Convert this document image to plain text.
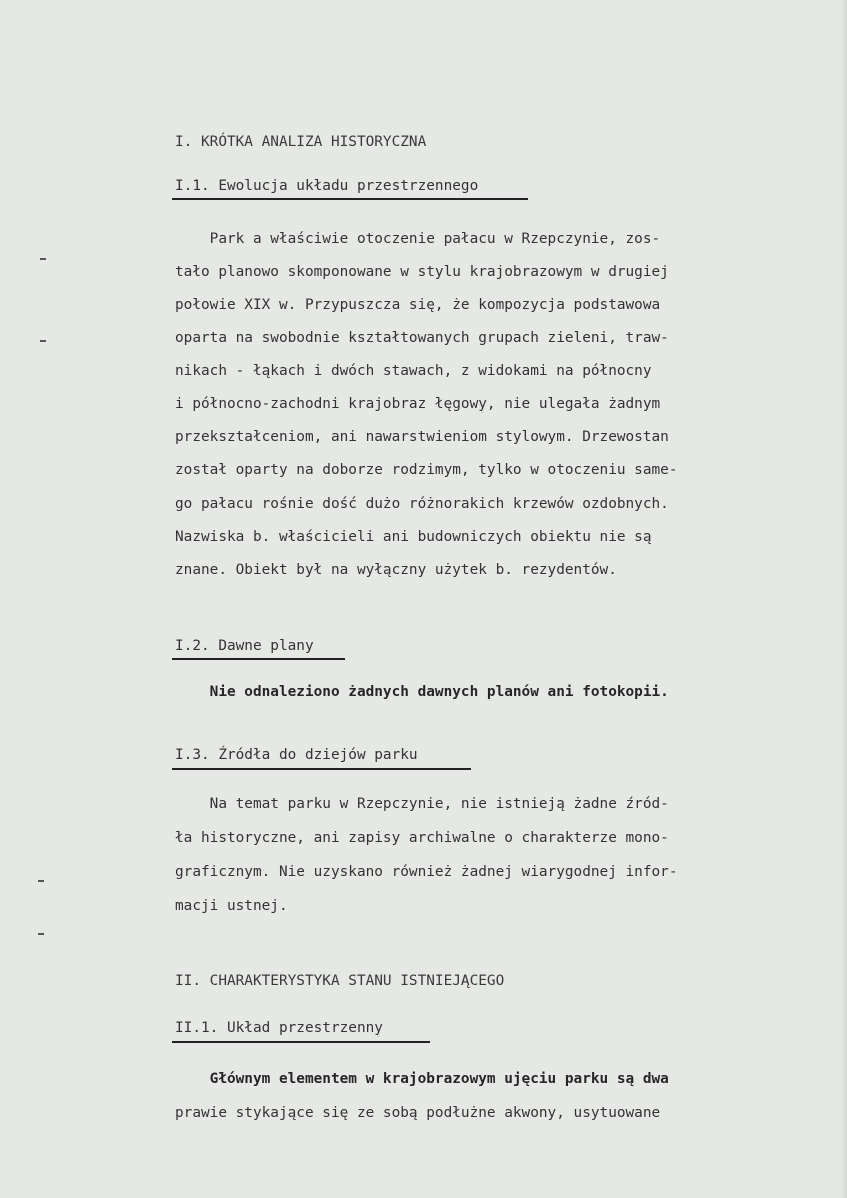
I. KRÓTKA ANALIZA HISTORYCZNA
I.1. Ewolucja układu przestrzennego
Park a właściwie otoczenie pałacu w Rzepczynie, zos-
tało planowo skomponowane w stylu krajobrazowym w drugiej
połowie XIX w. Przypuszcza się, że kompozycja podstawowa
oparta na swobodnie kształtowanych grupach zieleni, traw-
nikach - łąkach i dwóch stawach, z widokami na północny
i północno-zachodni krajobraz łęgowy, nie ulegała żadnym
przekształceniom, ani nawarstwieniom stylowym. Drzewostan
został oparty na doborze rodzimym, tylko w otoczeniu same-
go pałacu rośnie dość dużo różnorakich krzewów ozdobnych.
Nazwiska b. właścicieli ani budowniczych obiektu nie są
znane. Obiekt był na wyłączny użytek b. rezydentów.
I.2. Dawne plany
Nie odnaleziono żadnych dawnych planów ani fotokopii.
I.3. Źródła do dziejów parku
Na temat parku w Rzepczynie, nie istnieją żadne źród-
ła historyczne, ani zapisy archiwalne o charakterze mono-
graficznym. Nie uzyskano również żadnej wiarygodnej infor-
macji ustnej.
II. CHARAKTERYSTYKA STANU ISTNIEJĄCEGO
II.1. Układ przestrzenny
Głównym elementem w krajobrazowym ujęciu parku są dwa
prawie stykające się ze sobą podłużne akwony, usytuowane
